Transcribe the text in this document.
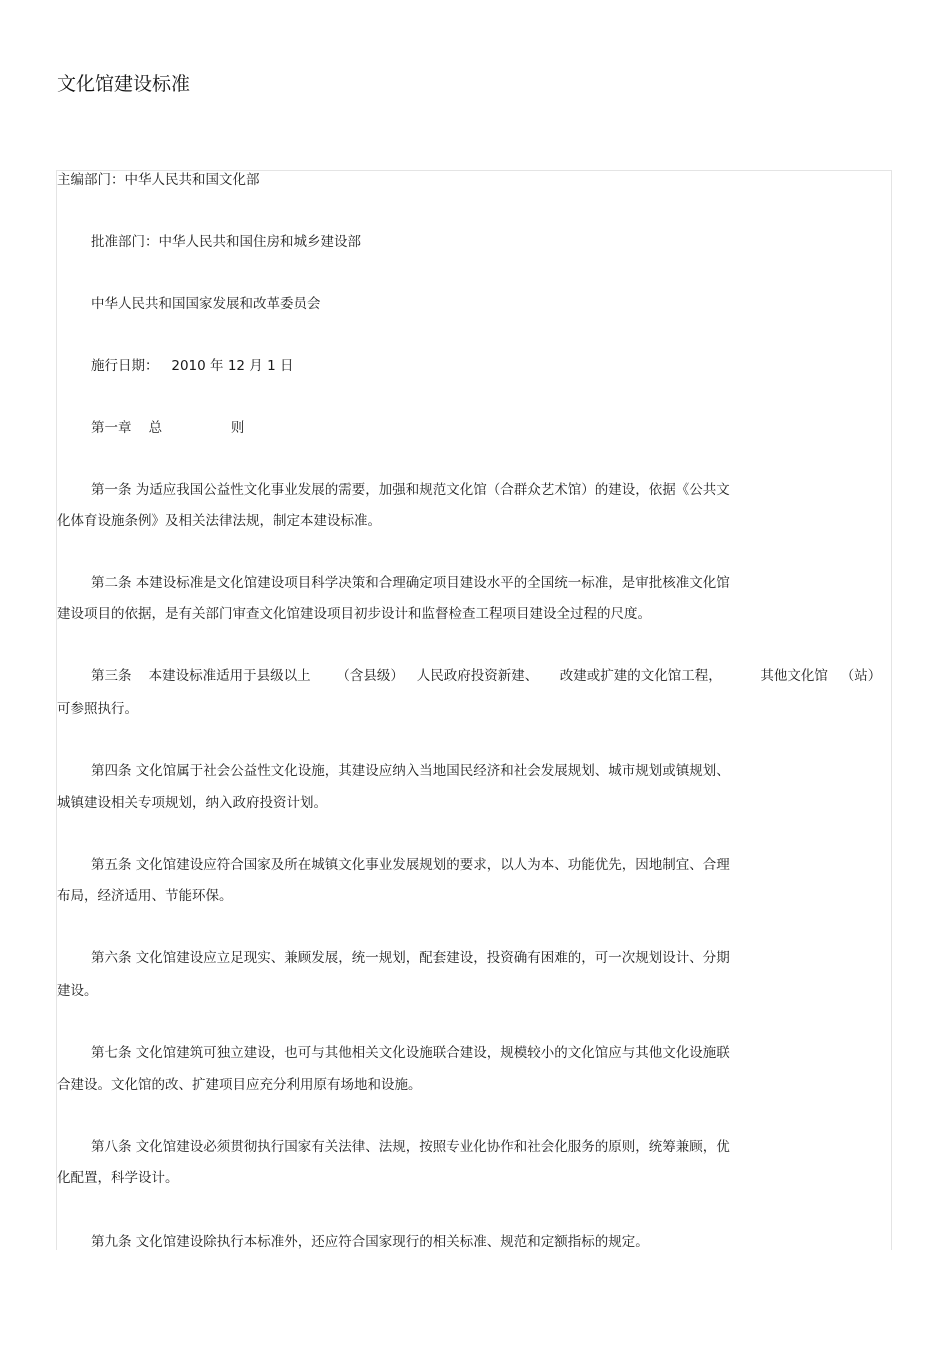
文化馆建设标准
主编部门：中华人民共和国文化部
批准部门：中华人民共和国住房和城乡建设部
中华人民共和国国家发展和改革委员会
施行日期：   2010 年 12 月 1 日
第一章    总                则
第一条 为适应我国公益性文化事业发展的需要，加强和规范文化馆（合群众艺术馆）的建设，依据《公共文
化体育设施条例》及相关法律法规，制定本建设标准。
第二条 本建设标准是文化馆建设项目科学决策和合理确定项目建设水平的全国统一标准，是审批核准文化馆
建设项目的依据，是有关部门审查文化馆建设项目初步设计和监督检查工程项目建设全过程的尺度。
第三条    本建设标准适用于县级以上      （含县级）   人民政府投资新建、     改建或扩建的文化馆工程，         其他文化馆   （站）
可参照执行。
第四条 文化馆属于社会公益性文化设施，其建设应纳入当地国民经济和社会发展规划、城市规划或镇规划、
城镇建设相关专项规划，纳入政府投资计划。
第五条 文化馆建设应符合国家及所在城镇文化事业发展规划的要求，以人为本、功能优先，因地制宜、合理
布局，经济适用、节能环保。
第六条 文化馆建设应立足现实、兼顾发展，统一规划，配套建设，投资确有困难的，可一次规划设计、分期
建设。
第七条 文化馆建筑可独立建设，也可与其他相关文化设施联合建设，规模较小的文化馆应与其他文化设施联
合建设。文化馆的改、扩建项目应充分利用原有场地和设施。
第八条 文化馆建设必须贯彻执行国家有关法律、法规，按照专业化协作和社会化服务的原则，统筹兼顾，优
化配置，科学设计。
第九条 文化馆建设除执行本标准外，还应符合国家现行的相关标准、规范和定额指标的规定。
